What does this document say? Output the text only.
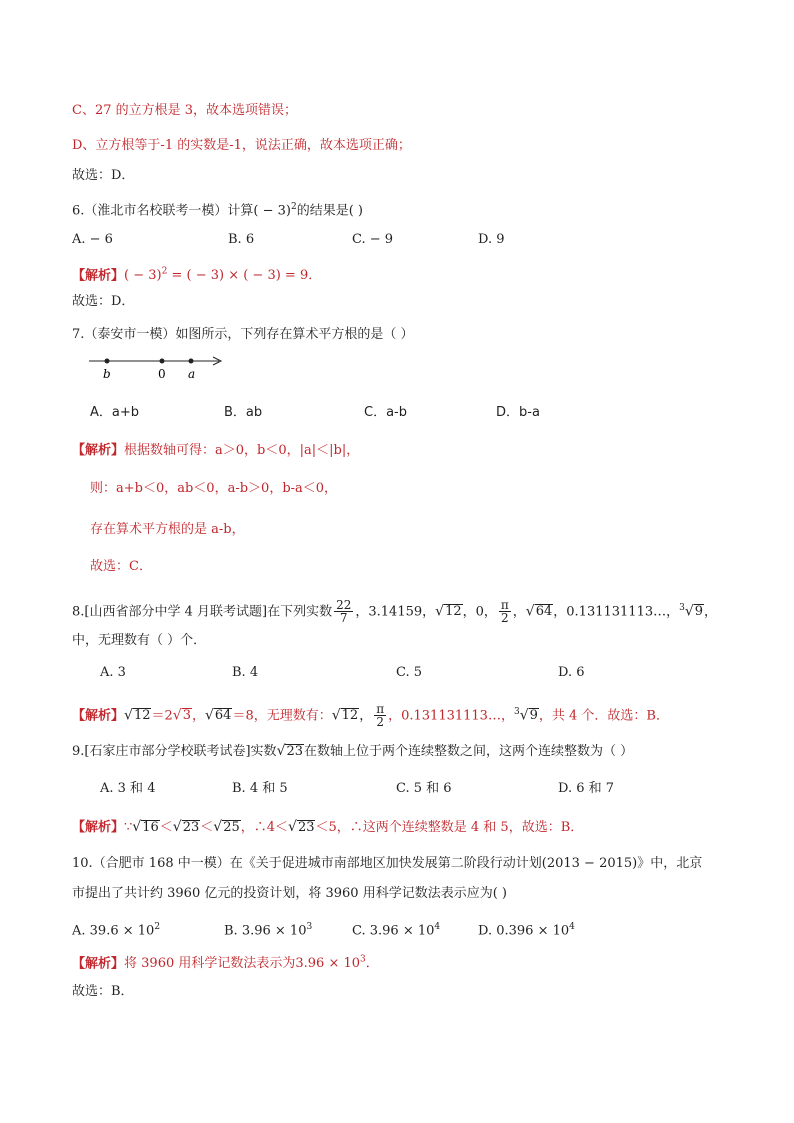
C、27 的立方根是 3，故本选项错误；
D、立方根等于-1 的实数是-1，说法正确，故本选项正确；
故选：D．
6.（淮北市名校联考一模）计算( − 3)$^2$的结果是( )
A. − 6	B. 6	C. − 9	D. 9
【解析】( − 3)$^2$ = ( − 3) × ( − 3) = 9．
故选：D．
7.（泰安市一模）如图所示，下列存在算术平方根的是（ ）
b	0 a
A．a+b	B．ab	C．a-b	D．b-a
【解析】根据数轴可得：a＞0，b＜0，|a|＜|b|，
则：a+b＜0，ab＜0，a-b＞0，b-a＜0，
存在算术平方根的是 a-b，
故选：C．
8.[山西省部分中学 4 月联考试题]在下列实数 $\frac{22}{7}$ ，3.14159，√12，0， $\frac{\pi}{2}$ ，√64，0.131131113…，$^3$√9，
中，无理数有（ ）个．
A. 3	B. 4	C. 5	D. 6
【解析】√12＝2√3，√64＝8，无理数有：√12， $\frac{\pi}{2}$ ，0.131131113…，$^3$√9，共 4 个．故选：B．
9.[石家庄市部分学校联考试卷]实数√23在数轴上位于两个连续整数之间，这两个连续整数为（ ）
A. 3 和 4	B. 4 和 5	C. 5 和 6	D. 6 和 7
【解析】∵√16＜√23＜√25，∴4＜√23＜5，∴这两个连续整数是 4 和 5，故选：B．
10.（合肥市 168 中一模）在《关于促进城市南部地区加快发展第二阶段行动计划(2013 − 2015)》中，北京
市提出了共计约 3960 亿元的投资计划，将 3960 用科学记数法表示应为( )
A. $39.6 \times 10^2$	B. $3.96 \times 10^3$	C. $3.96 \times 10^4$	D. $0.396 \times 10^4$
【解析】将 3960 用科学记数法表示为$3.96 \times 10^3$．
故选：B．
